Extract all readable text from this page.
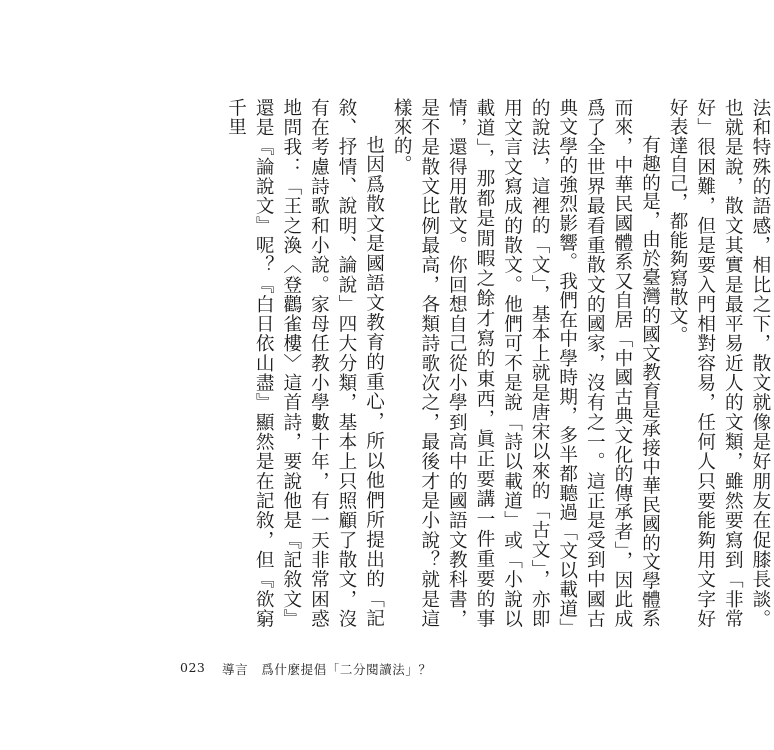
法和特殊的語感，相比之下，散文就像是好朋友在促膝長談。也就是說，散文其實是最平易近人的文類，雖然要寫到「非常好」很困難，但是要入門相對容易，任何人只要能夠用文字好好表達自己，都能夠寫散文。

有趣的是，由於臺灣的國文教育是承接中華民國的文學體系而來，中華民國體系又自居「中國古典文化的傳承者」，因此成爲了全世界最看重散文的國家，沒有之一。這正是受到中國古典文學的強烈影響。我們在中學時期，多半都聽過「文以載道」的說法，這裡的「文」，基本上就是唐宋以來的「古文」，亦即用文言文寫成的散文。他們可不是說「詩以載道」或「小說以載道」，那都是閒暇之餘才寫的東西，眞正要講一件重要的事情，還得用散文。你回想自己從小學到高中的國語文教科書，是不是散文比例最高，各類詩歌次之，最後才是小說？就是這樣來的。

也因爲散文是國語文教育的重心，所以他們所提出的「記敘、抒情、說明、論說」四大分類，基本上只照顧了散文，沒有在考慮詩歌和小說。家母任教小學數十年，有一天非常困惑地問我：「王之渙〈登鸛雀樓〉這首詩，要說他是『記敘文』還是『論說文』呢？『白日依山盡』顯然是在記敘，但『欲窮千里

023 導言　爲什麼提倡「二分閱讀法」？
